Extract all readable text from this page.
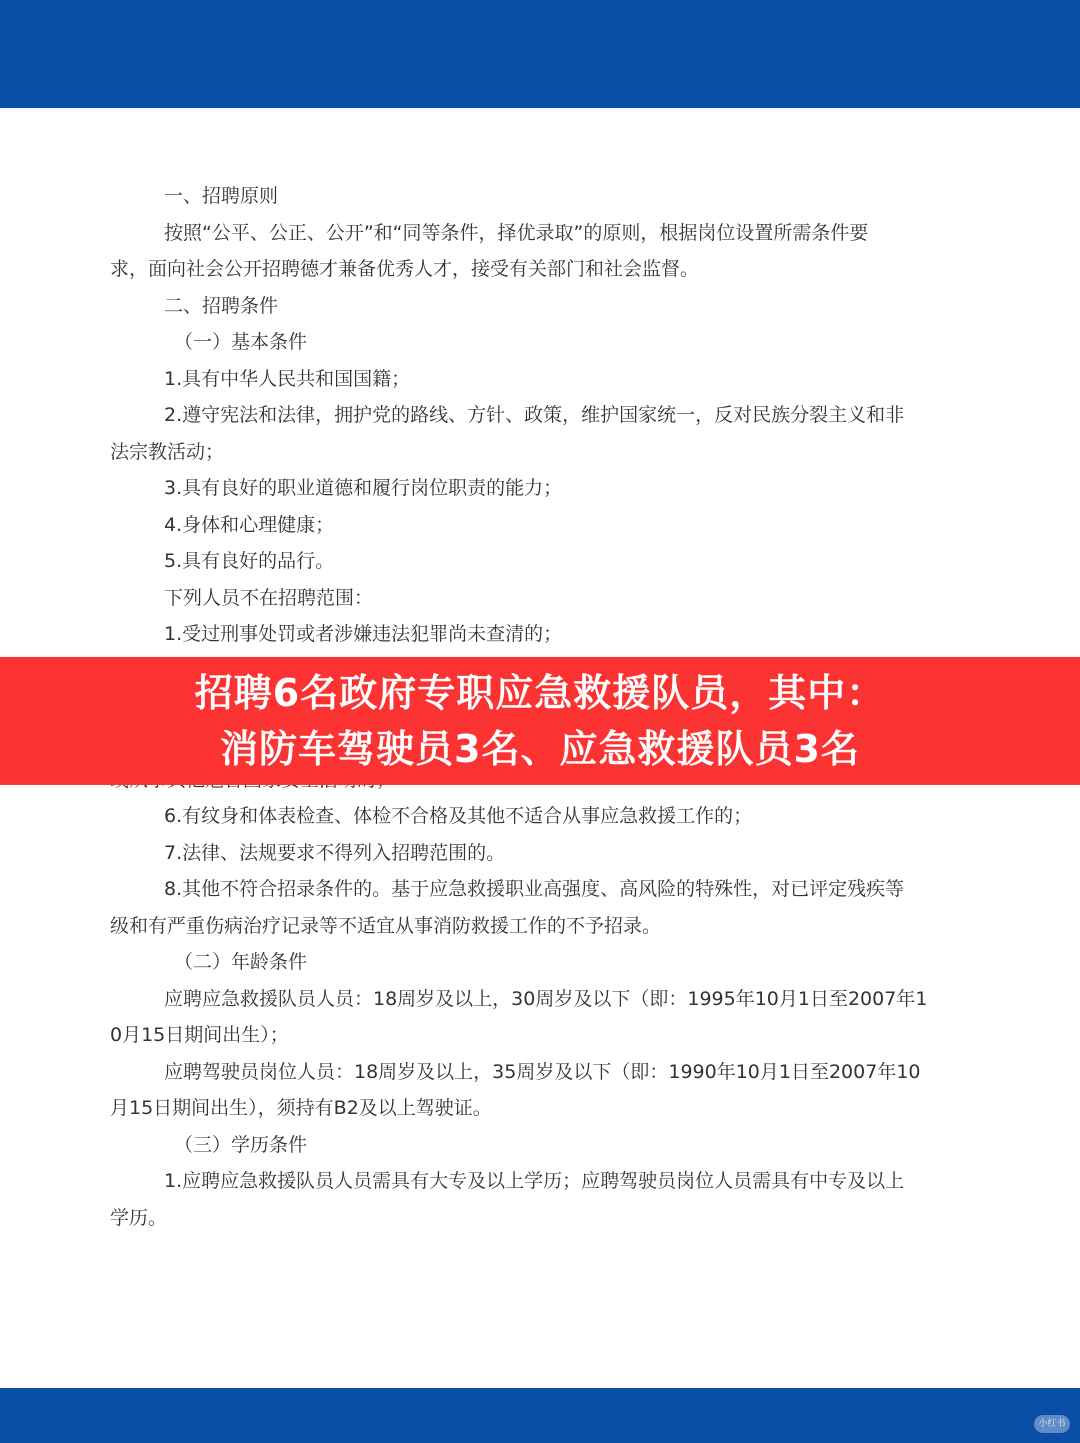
一、招聘原则

按照“公平、公正、公开”和“同等条件，择优录取”的原则，根据岗位设置所需条件要

求，面向社会公开招聘德才兼备优秀人才，接受有关部门和社会监督。

二、招聘条件

（一）基本条件

1.具有中华人民共和国国籍；

2.遵守宪法和法律，拥护党的路线、方针、政策，维护国家统一，反对民族分裂主义和非

法宗教活动；

3.具有良好的职业道德和履行岗位职责的能力；

4.身体和心理健康；

5.具有良好的品行。

下列人员不在招聘范围：

1.受过刑事处罚或者涉嫌违法犯罪尚未查清的；

6.有纹身和体表检查、体检不合格及其他不适合从事应急救援工作的；

7.法律、法规要求不得列入招聘范围的。

8.其他不符合招录条件的。基于应急救援职业高强度、高风险的特殊性，对已评定残疾等

级和有严重伤病治疗记录等不适宜从事消防救援工作的不予招录。

（二）年龄条件

应聘应急救援队员人员：18周岁及以上，30周岁及以下（即：1995年10月1日至2007年1

0月15日期间出生）；

应聘驾驶员岗位人员：18周岁及以上，35周岁及以下（即：1990年10月1日至2007年10

月15日期间出生），须持有B2及以上驾驶证。

（三）学历条件

1.应聘应急救援队员人员需具有大专及以上学历；应聘驾驶员岗位人员需具有中专及以上

学历。

招聘6名政府专职应急救援队员，其中：
消防车驾驶员3名、应急救援队员3名
小红书
